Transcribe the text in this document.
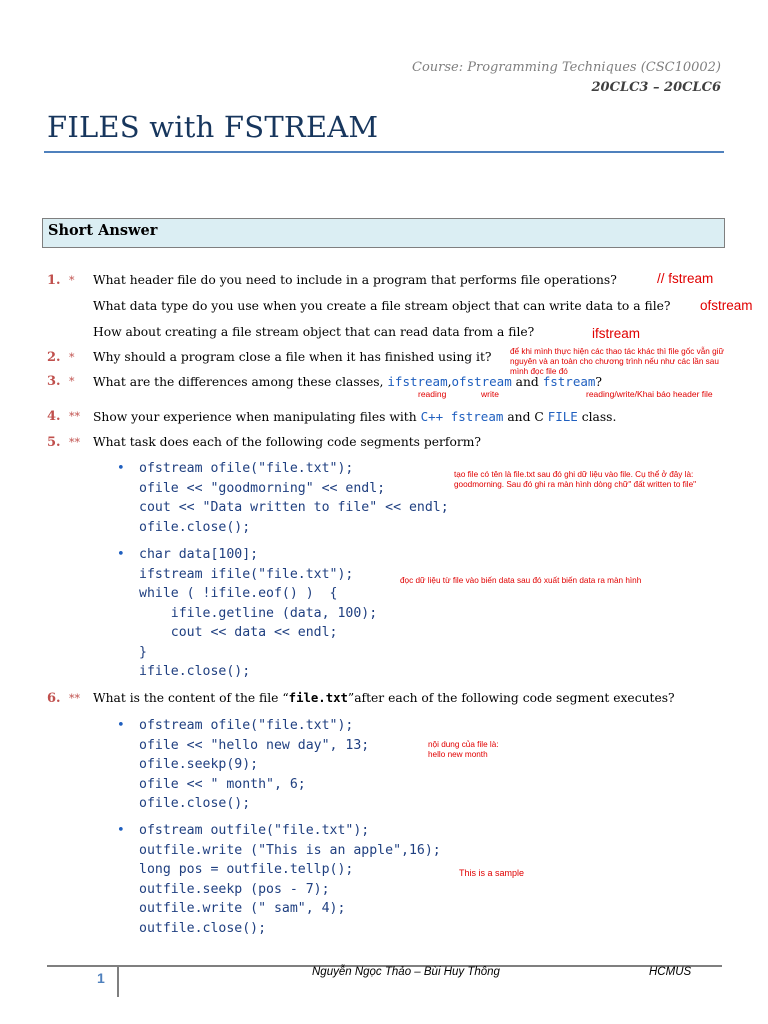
Course: Programming Techniques (CSC10002)
20CLC3 – 20CLC6
FILES with FSTREAM
Short Answer
1. * What header file do you need to include in a program that performs file operations?	// fstream
What data type do you use when you create a file stream object that can write data to a file? ofstream
How about creating a file stream object that can read data from a file?	ifstream
2. * Why should a program close a file when it has finished using it? để khi mình thực hiện các thao tác khác thì file gốc vẫn giữ
nguyên và an toàn cho chương trình nếu như các lần sau
mình đọc file đó
3. * What are the differences among these classes, ifstream,ofstream and fstream?
reading	write	reading/write/Khai báo header file
4. ** Show your experience when manipulating files with C++ fstream and C FILE class.
5. ** What task does each of the following code segments perform?
• ofstream ofile("file.txt");
ofile << "goodmorning" << endl;
cout << "Data written to file" << endl;
ofile.close();
tạo file có tên là file.txt sau đó ghi dữ liệu vào file. Cụ thể ở đây là:
goodmorning. Sau đó ghi ra màn hình dòng chữ" đất written to file"
• char data[100];
ifstream ifile("file.txt");
while ( !ifile.eof() )  {
ifile.getline (data, 100);
cout << data << endl;
}
ifile.close();
đọc dữ liệu từ file vào biến data sau đó xuất biến data ra màn hình
6. ** What is the content of the file “file.txt”after each of the following code segment executes?
• ofstream ofile("file.txt");
ofile << "hello new day", 13;
ofile.seekp(9);
ofile << " month", 6;
ofile.close();
nội dung của file là:
hello new month
• ofstream outfile("file.txt");
outfile.write ("This is an apple",16);
long pos = outfile.tellp();
outfile.seekp (pos - 7);
outfile.write (" sam", 4);
outfile.close();
This is a sample
1	Nguyễn Ngọc Thảo – Bùi Huy Thông	HCMUS
